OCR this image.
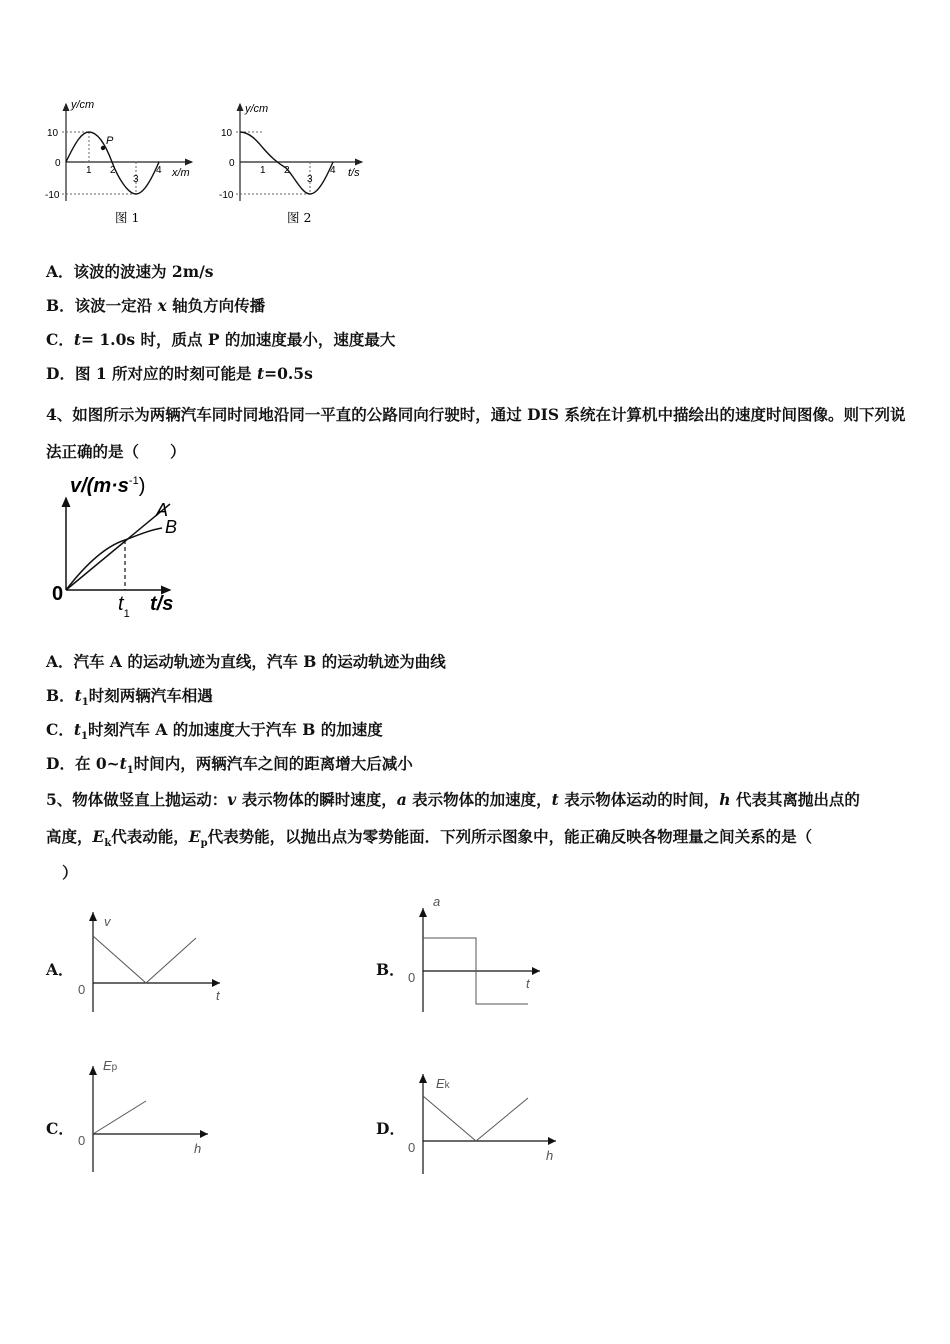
P
y/cm
x/m
10
0
-10
1 2
3
4
图 1
y/cm
t/s
10
0
-10
1 2
3
4
图 2
A．该波的波速为 2m/s
B．该波一定沿 x 轴负方向传播
C．t= 1.0s 时，质点 P 的加速度最小，速度最大
D．图 1 所对应的时刻可能是 t=0.5s
4、如图所示为两辆汽车同时同地沿同一平直的公路同向行驶时，通过 DIS 系统在计算机中描绘出的速度时间图像。则下列说法正确的是（　　）
$v/(m\cdot s^{-1})$
0
A
B
$t_1$ t/s
A．汽车 A 的运动轨迹为直线，汽车 B 的运动轨迹为曲线
B．$t_1$时刻两辆汽车相遇
C．$t_1$时刻汽车 A 的加速度大于汽车 B 的加速度
D．在 $0\sim t_1$时间内，两辆汽车之间的距离增大后减小
5、物体做竖直上抛运动：v 表示物体的瞬时速度，a 表示物体的加速度，t 表示物体运动的时间，h 代表其离抛出点的
高度，$E_k$代表动能，$E_p$代表势能，以抛出点为零势能面．下列所示图象中，能正确反映各物理量之间关系的是（
）
A．
v
0	t
B．
a
0	t
C．
Ep
0
h
D．
Ek
0
h
